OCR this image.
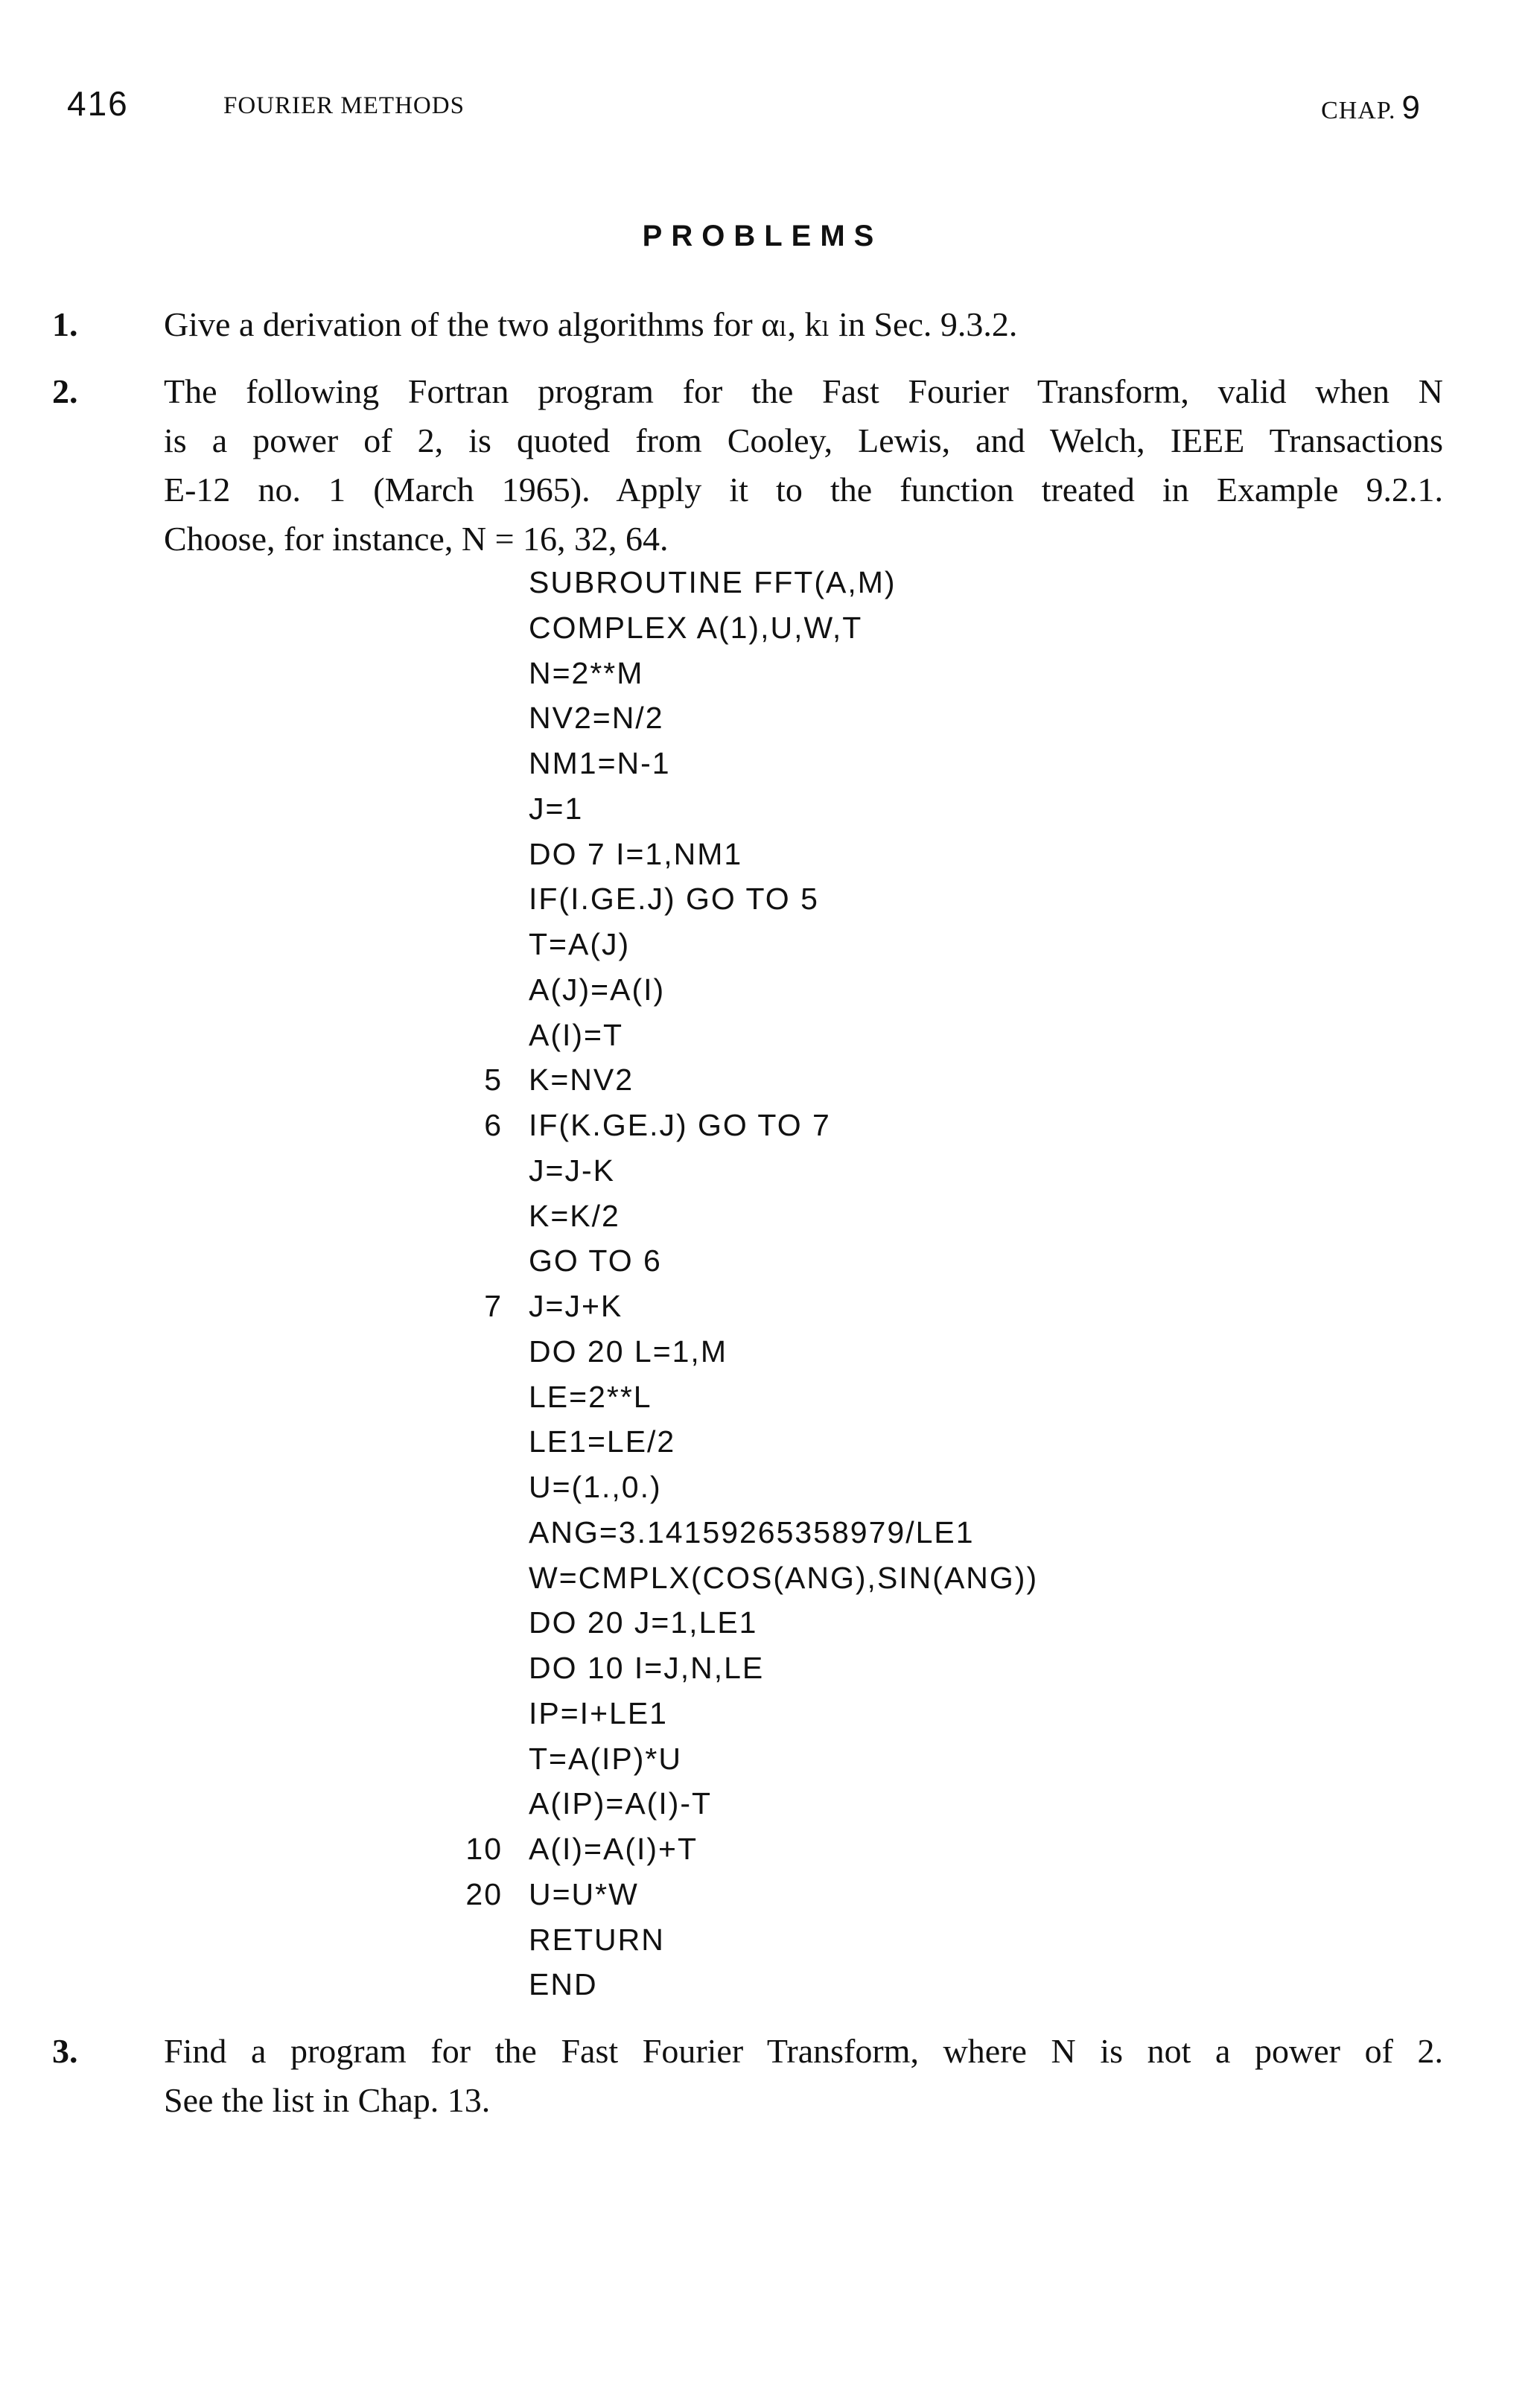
416	FOURIER METHODS	CHAP. 9
PROBLEMS
1.	Give a derivation of the two algorithms for αₗ, kₗ in Sec. 9.3.2.

2.	The following Fortran program for the Fast Fourier Transform, valid when N

is a power of 2, is quoted from Cooley, Lewis, and Welch, IEEE Transactions

E-12 no. 1 (March 1965). Apply it to the function treated in Example 9.2.1.

Choose, for instance, N = 16, 32, 64.

SUBROUTINE FFT(A,M)
COMPLEX A(1),U,W,T
N=2**M
NV2=N/2
NM1=N-1
J=1
DO 7 I=1,NM1
IF(I.GE.J) GO TO 5
T=A(J)
A(J)=A(I)
A(I)=T
5 K=NV2
6 IF(K.GE.J) GO TO 7
J=J-K
K=K/2
GO TO 6
7 J=J+K
DO 20 L=1,M
LE=2**L
LE1=LE/2
U=(1.,0.)
ANG=3.14159265358979/LE1
W=CMPLX(COS(ANG),SIN(ANG))
DO 20 J=1,LE1
DO 10 I=J,N,LE
IP=I+LE1
T=A(IP)*U
A(IP)=A(I)-T
10 A(I)=A(I)+T
20 U=U*W
RETURN
END
3.	Find a program for the Fast Fourier Transform, where N is not a power of 2.

See the list in Chap. 13.
